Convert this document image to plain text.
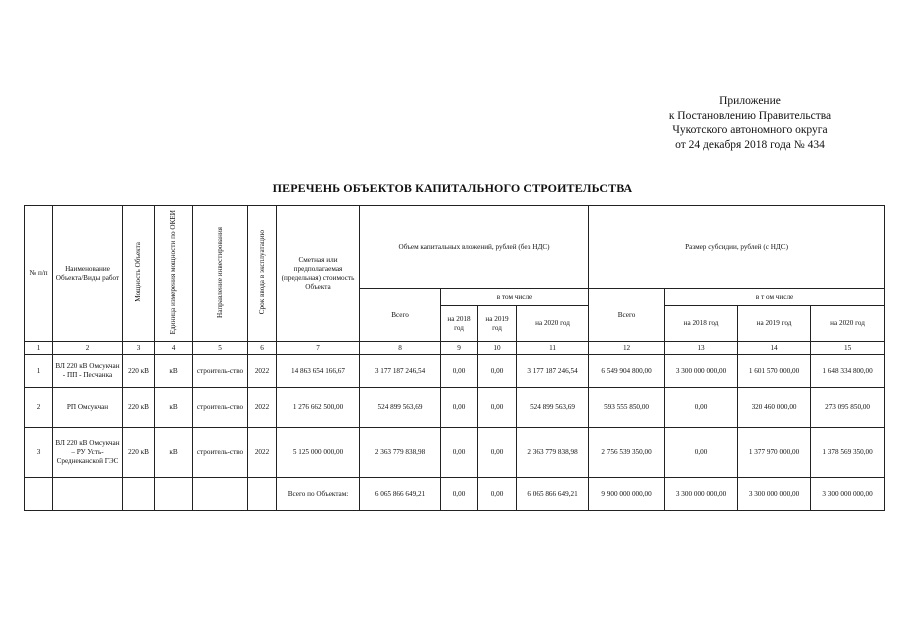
Приложение
к Постановлению Правительства
Чукотского автономного округа
от 24 декабря 2018 года № 434
ПЕРЕЧЕНЬ ОБЪЕКТОВ КАПИТАЛЬНОГО СТРОИТЕЛЬСТВА
№ п/п	Наименование Объекта/Виды работ	Мощность Объекта	Единица измерения мощности по ОКЕИ	Направление инвестирования	Срок ввода в эксплуатацию	Сметная или предполагаемая (предельная) стоимость Объекта	Объем капитальных вложений, рублей (без НДС)				Размер субсидии, рублей (с НДС)			
							Всего	в том числе			Всего	в т ом числе		
								на 2018 год	на 2019 год	на 2020 год		на 2018 год	на 2019 год	на 2020 год
1	2	3	4	5	6	7	8	9	10	11	12	13	14	15
1	ВЛ 220 кВ Омсукчан - ПП - Песчанка	220 кВ	кВ	строитель-ство	2022	14 863 654 166,67	3 177 187 246,54	0,00	0,00	3 177 187 246,54	6 549 904 800,00	3 300 000 000,00	1 601 570 000,00	1 648 334 800,00
2	РП Омсукчан	220 кВ	кВ	строитель-ство	2022	1 276 662 500,00	524 899 563,69	0,00	0,00	524 899 563,69	593 555 850,00	0,00	320 460 000,00	273 095 850,00
3	ВЛ 220 кВ Омсукчан – РУ Усть-Среднеканской ГЭС	220 кВ	кВ	строитель-ство	2022	5 125 000 000,00	2 363 779 838,98	0,00	0,00	2 363 779 838,98	2 756 539 350,00	0,00	1 377 970 000,00	1 378 569 350,00
						Всего по Объектам:	6 065 866 649,21	0,00	0,00	6 065 866 649,21	9 900 000 000,00	3 300 000 000,00	3 300 000 000,00	3 300 000 000,00
